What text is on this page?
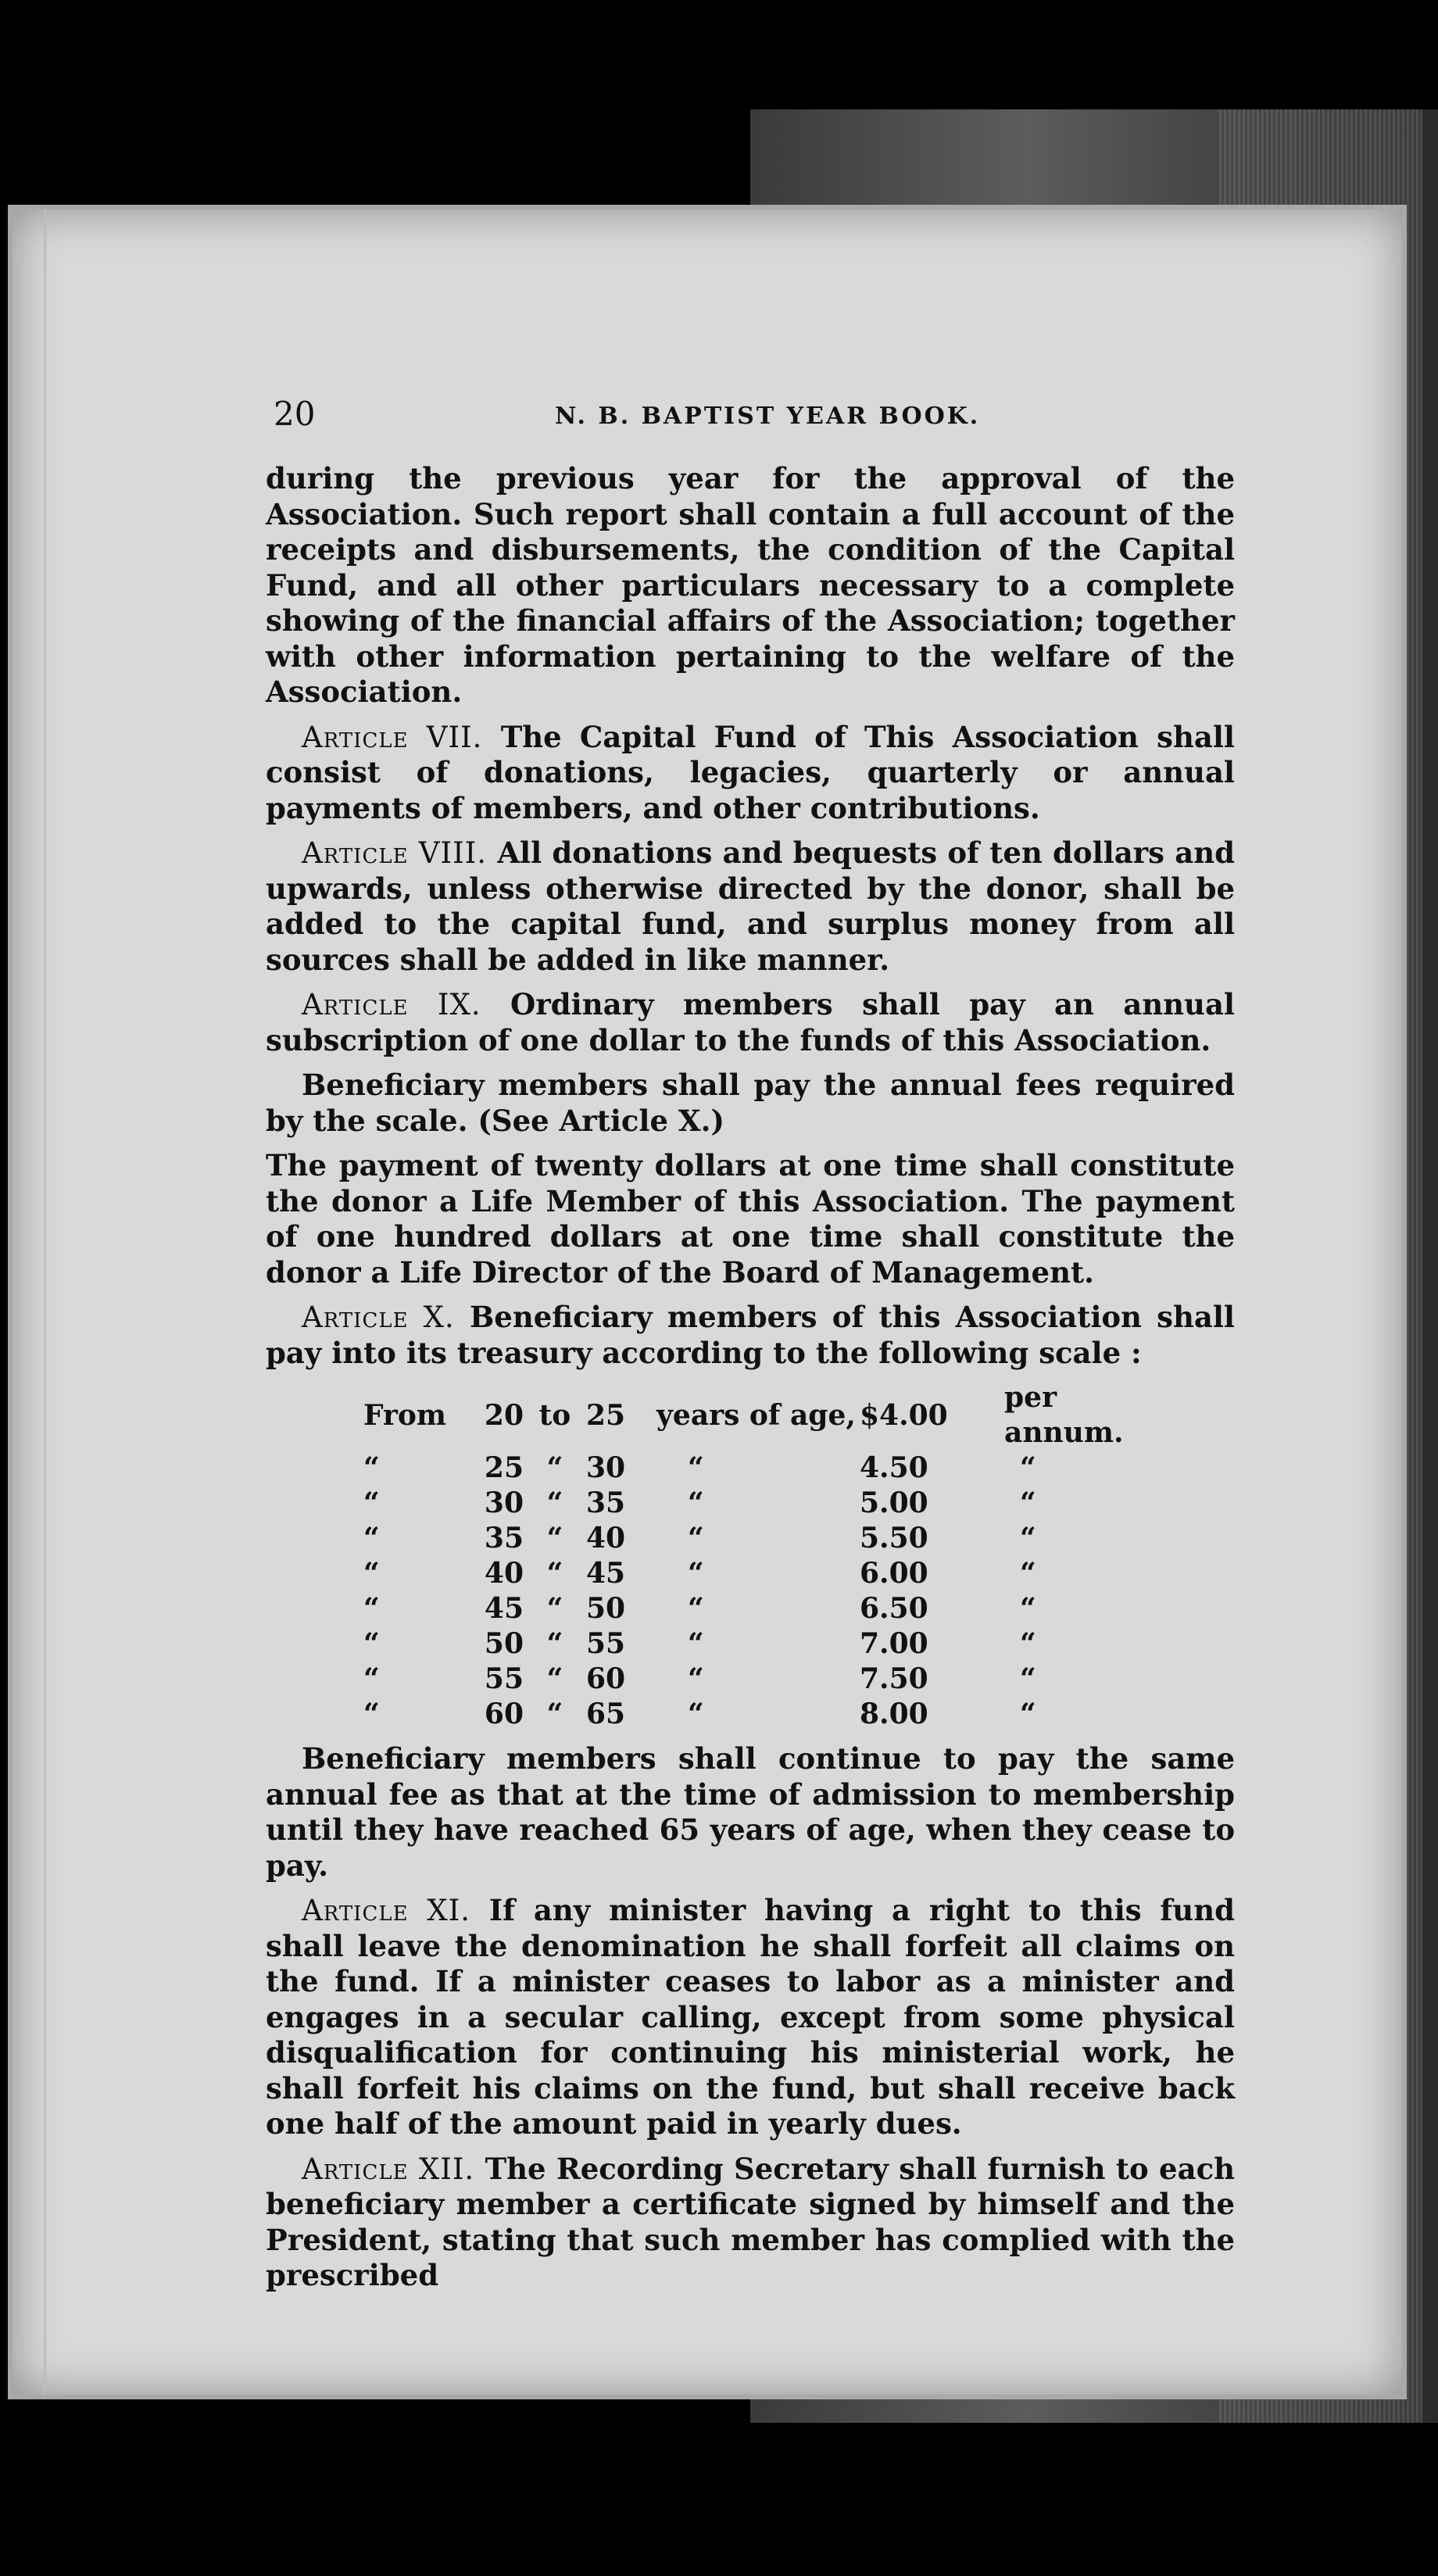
20	N. B. BAPTIST YEAR BOOK.

during the previous year for the approval of the Association. Such report shall contain a full account of the receipts and disbursements, the condition of the Capital Fund, and all other particulars necessary to a complete showing of the financial affairs of the Association; together with other information pertaining to the welfare of the Association.

Article VII. The Capital Fund of This Association shall consist of donations, legacies, quarterly or annual payments of members, and other contributions.

Article VIII. All donations and bequests of ten dollars and upwards, unless otherwise directed by the donor, shall be added to the capital fund, and surplus money from all sources shall be added in like manner.

Article IX. Ordinary members shall pay an annual subscription of one dollar to the funds of this Association.

Beneficiary members shall pay the annual fees required by the scale. (See Article X.)

The payment of twenty dollars at one time shall constitute the donor a Life Member of this Association. The payment of one hundred dollars at one time shall constitute the donor a Life Director of the Board of Management.

Article X. Beneficiary members of this Association shall pay into its treasury according to the following scale :

From	20	to	25	years of age,	$4.00	per annum.
“	25	“	30	“	4.50	“
“	30	“	35	“	5.00	“
“	35	“	40	“	5.50	“
“	40	“	45	“	6.00	“
“	45	“	50	“	6.50	“
“	50	“	55	“	7.00	“
“	55	“	60	“	7.50	“
“	60	“	65	“	8.00	“

Beneficiary members shall continue to pay the same annual fee as that at the time of admission to membership until they have reached 65 years of age, when they cease to pay.

Article XI. If any minister having a right to this fund shall leave the denomination he shall forfeit all claims on the fund. If a minister ceases to labor as a minister and engages in a secular calling, except from some physical disqualification for continuing his ministerial work, he shall forfeit his claims on the fund, but shall receive back one half of the amount paid in yearly dues.

Article XII. The Recording Secretary shall furnish to each beneficiary member a certificate signed by himself and the President, stating that such member has complied with the prescribed
